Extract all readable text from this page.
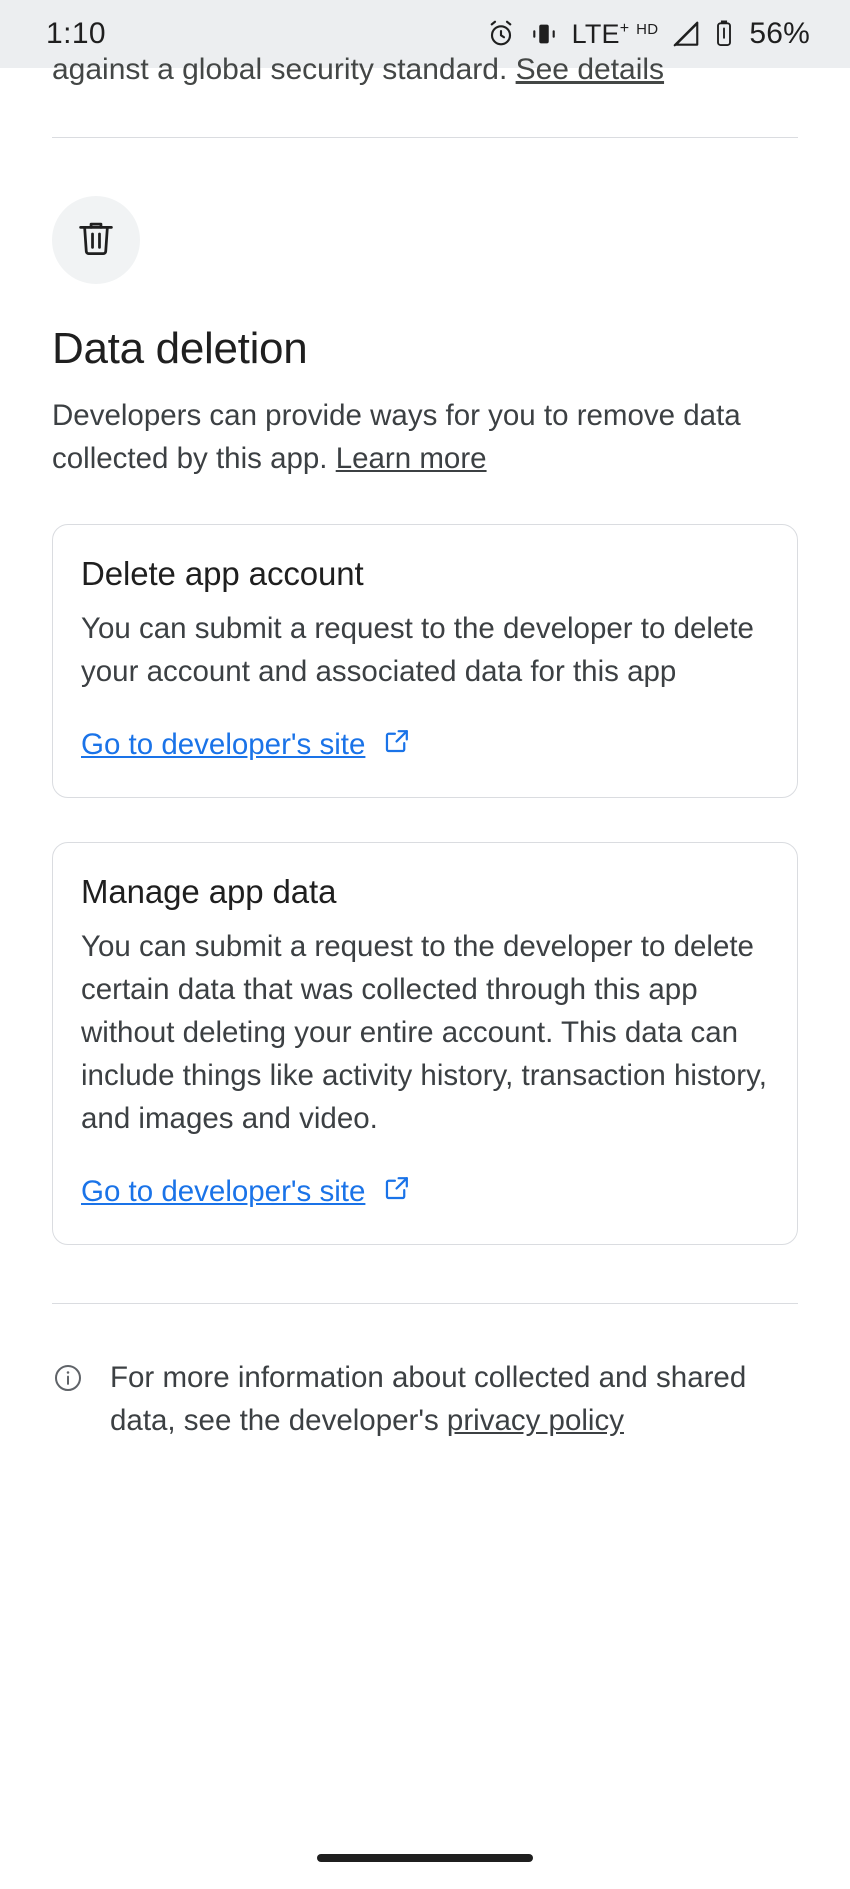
1:10	LTE+ HD	56%
against a global security standard. See details
Data deletion

Developers can provide ways for you to remove data collected by this app. Learn more

Delete app account
You can submit a request to the developer to delete your account and associated data for this app
Go to developer's site
Manage app data
You can submit a request to the developer to delete certain data that was collected through this app without deleting your entire account. This data can include things like activity history, transaction history, and images and video.
Go to developer's site
For more information about collected and shared data, see the developer's privacy policy
